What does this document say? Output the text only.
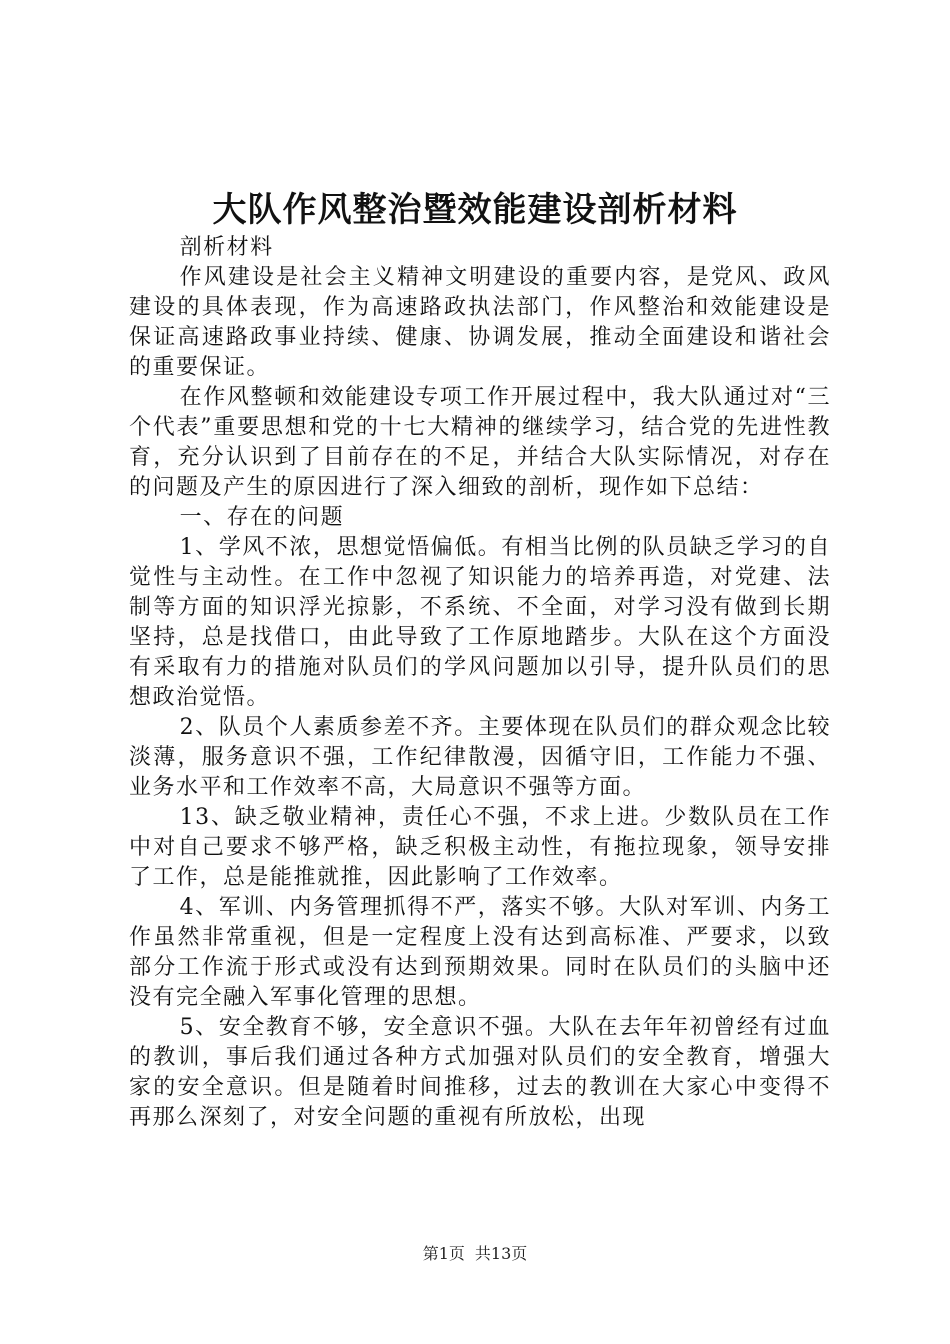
大队作风整治暨效能建设剖析材料

剖析材料

作风建设是社会主义精神文明建设的重要内容，是党风、政风建设的具体表现，作为高速路政执法部门，作风整治和效能建设是保证高速路政事业持续、健康、协调发展，推动全面建设和谐社会的重要保证。

在作风整顿和效能建设专项工作开展过程中，我大队通过对“三个代表”重要思想和党的十七大精神的继续学习，结合党的先进性教育，充分认识到了目前存在的不足，并结合大队实际情况，对存在的问题及产生的原因进行了深入细致的剖析，现作如下总结：

一、存在的问题

1、学风不浓，思想觉悟偏低。有相当比例的队员缺乏学习的自觉性与主动性。在工作中忽视了知识能力的培养再造，对党建、法制等方面的知识浮光掠影，不系统、不全面，对学习没有做到长期坚持，总是找借口，由此导致了工作原地踏步。大队在这个方面没有采取有力的措施对队员们的学风问题加以引导，提升队员们的思想政治觉悟。

2、队员个人素质参差不齐。主要体现在队员们的群众观念比较淡薄，服务意识不强，工作纪律散漫，因循守旧，工作能力不强、业务水平和工作效率不高，大局意识不强等方面。

13、缺乏敬业精神，责任心不强，不求上进。少数队员在工作中对自己要求不够严格，缺乏积极主动性，有拖拉现象，领导安排了工作，总是能推就推，因此影响了工作效率。

4、军训、内务管理抓得不严，落实不够。大队对军训、内务工作虽然非常重视，但是一定程度上没有达到高标准、严要求，以致部分工作流于形式或没有达到预期效果。同时在队员们的头脑中还没有完全融入军事化管理的思想。

5、安全教育不够，安全意识不强。大队在去年年初曾经有过血的教训，事后我们通过各种方式加强对队员们的安全教育，增强大家的安全意识。但是随着时间推移，过去的教训在大家心中变得不再那么深刻了，对安全问题的重视有所放松，出现

第1页 共13页
